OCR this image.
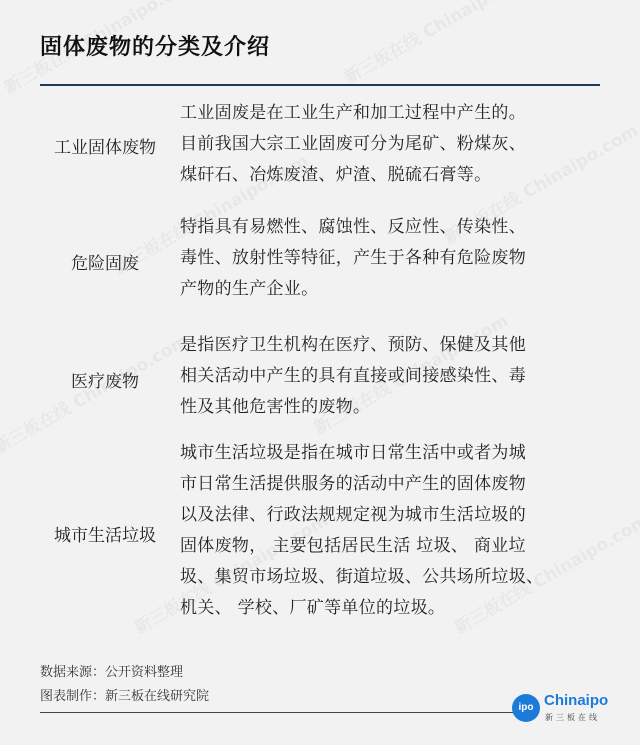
固体废物的分类及介绍
工业固体废物
工业固废是在工业生产和加工过程中产生的。
目前我国大宗工业固废可分为尾矿、粉煤灰、
煤矸石、冶炼废渣、炉渣、脱硫石膏等。
危险固废
特指具有易燃性、腐蚀性、反应性、传染性、
毒性、放射性等特征，产生于各种有危险废物
产物的生产企业。
医疗废物
是指医疗卫生机构在医疗、预防、保健及其他
相关活动中产生的具有直接或间接感染性、毒
性及其他危害性的废物。
城市生活垃圾
城市生活垃圾是指在城市日常生活中或者为城
市日常生活提供服务的活动中产生的固体废物
以及法律、行政法规规定视为城市生活垃圾的
固体废物， 主要包括居民生活 垃圾、 商业垃
圾、集贸市场垃圾、街道垃圾、公共场所垃圾、
机关、 学校、厂矿等单位的垃圾。
数据来源：公开资料整理
图表制作：新三板在线研究院
ipo Chinaipo
新三板在线
